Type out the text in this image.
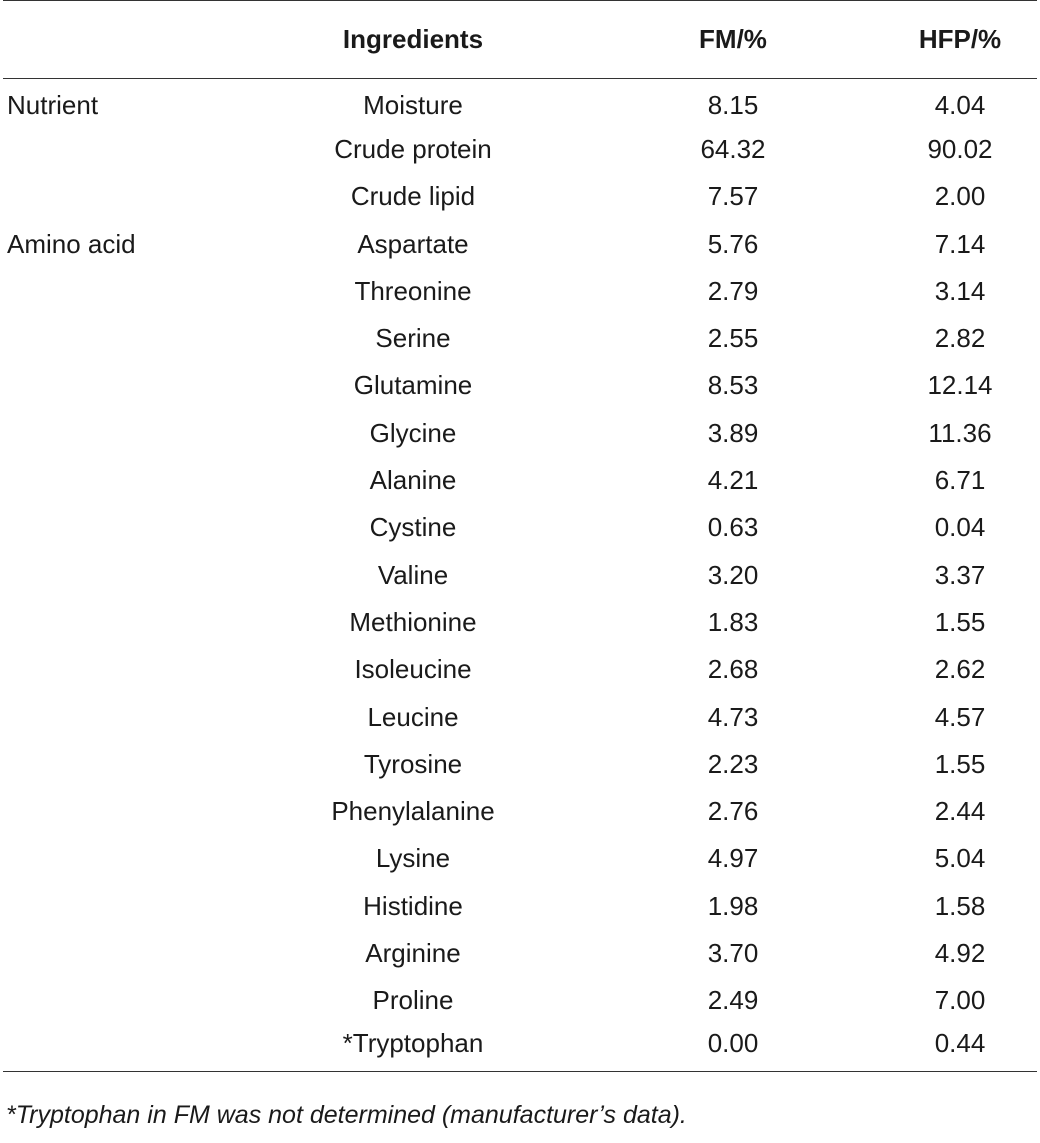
	Ingredients	FM/%	HFP/%
Nutrient	Moisture	8.15	4.04
	Crude protein	64.32	90.02
	Crude lipid	7.57	2.00
Amino acid	Aspartate	5.76	7.14
	Threonine	2.79	3.14
	Serine	2.55	2.82
	Glutamine	8.53	12.14
	Glycine	3.89	11.36
	Alanine	4.21	6.71
	Cystine	0.63	0.04
	Valine	3.20	3.37
	Methionine	1.83	1.55
	Isoleucine	2.68	2.62
	Leucine	4.73	4.57
	Tyrosine	2.23	1.55
	Phenylalanine	2.76	2.44
	Lysine	4.97	5.04
	Histidine	1.98	1.58
	Arginine	3.70	4.92
	Proline	2.49	7.00
	*Tryptophan	0.00	0.44
*Tryptophan in FM was not determined (manufacturer’s data).
